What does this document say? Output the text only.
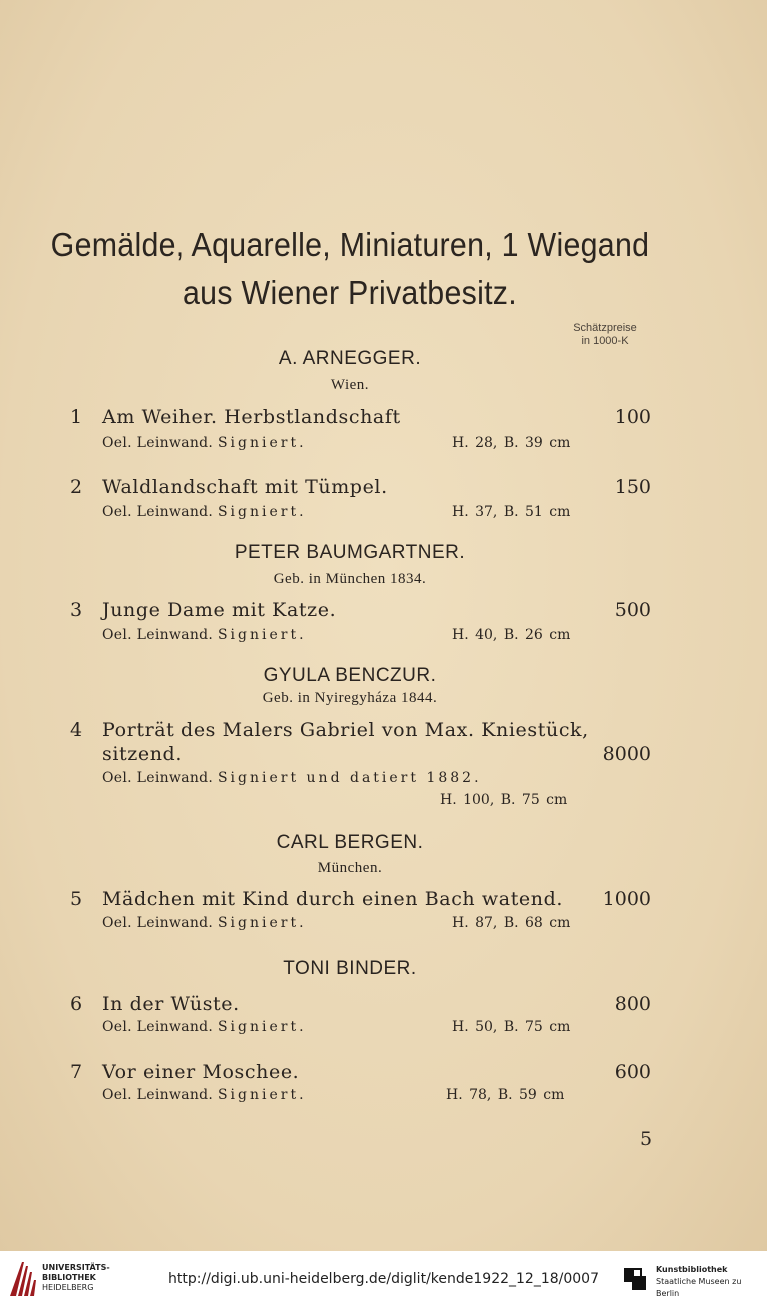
Gemälde, Aquarelle, Miniaturen, 1 Wiegand
aus Wiener Privatbesitz.
Schätzpreise
in 1000-K
A. ARNEGGER.
Wien.
1 Am Weiher. Herbstlandschaft	100
Oel. Leinwand. Signiert.	H. 28, B. 39 cm
2 Waldlandschaft mit Tümpel.	150
Oel. Leinwand. Signiert.	H. 37, B. 51 cm
PETER BAUMGARTNER.
Geb. in München 1834.
3 Junge Dame mit Katze.	500
Oel. Leinwand. Signiert.	H. 40, B. 26 cm
GYULA BENCZUR.
Geb. in Nyiregyháza 1844.
4 Porträt des Malers Gabriel von Max. Kniestück,
sitzend.	8000
Oel. Leinwand. Signiert und datiert 1882.
H. 100, B. 75 cm
CARL BERGEN.
München.
5 Mädchen mit Kind durch einen Bach watend. 1000
Oel. Leinwand. Signiert.	H. 87, B. 68 cm
TONI BINDER.
6 In der Wüste.	800
Oel. Leinwand. Signiert.	H. 50, B. 75 cm
7 Vor einer Moschee.	600
Oel. Leinwand. Signiert.	H. 78, B. 59 cm
5
UNIVERSITÄTS-
BIBLIOTHEK
HEIDELBERG
http://digi.ub.uni-heidelberg.de/diglit/kende1922_12_18/0007
Kunstbibliothek
Staatliche Museen zu Berlin
